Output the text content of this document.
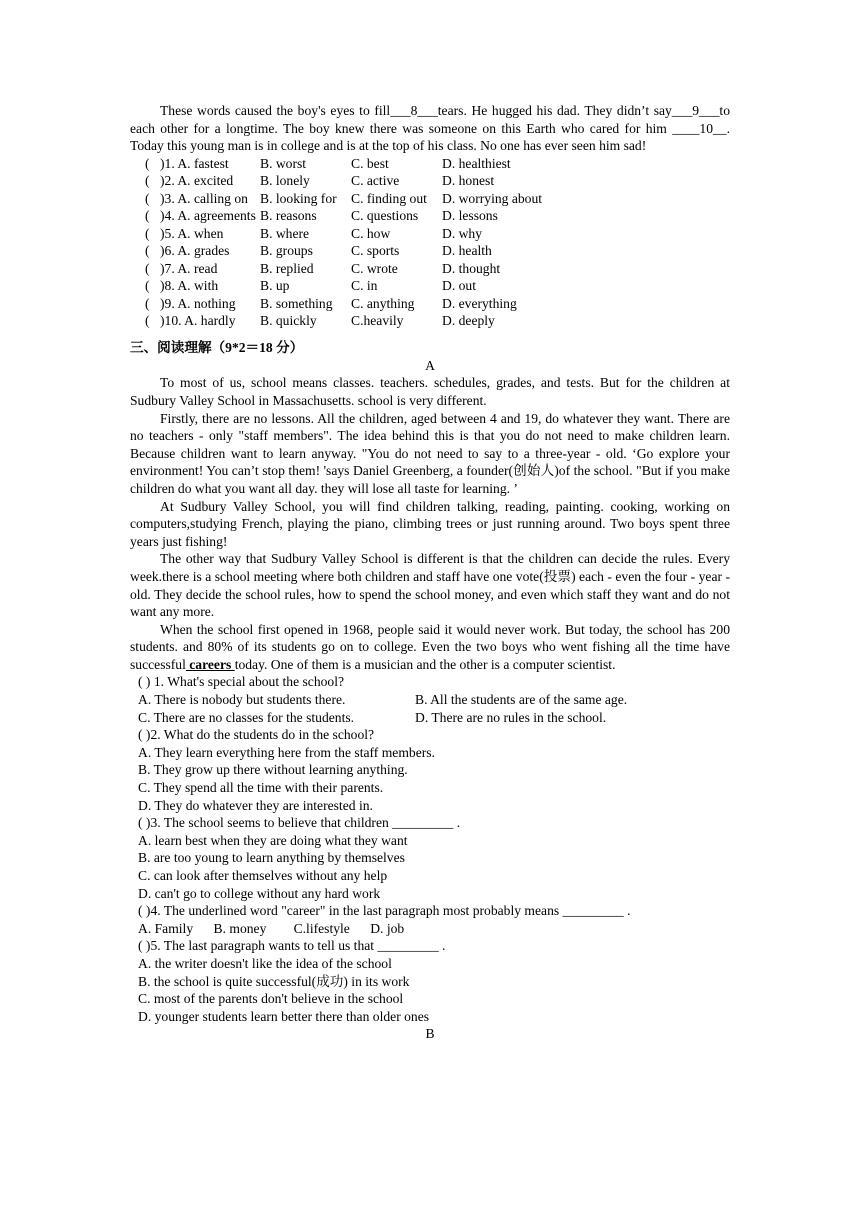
These words caused the boy's eyes to fill___8___tears. He hugged his dad. They didn’t say___9___to each other for a longtime. The boy knew there was someone on this Earth who cared for him ____10__. Today this young man is in college and is at the top of his class. No one has ever seen him sad!

( )1. A. fastest	B. worst	C. best	D. healthiest
( )2. A. excited	B. lonely	C. active	D. honest
( )3. A. calling on B. looking for	C. finding out	D. worrying about
( )4. A. agreements B. reasons	C. questions	D. lessons
( )5. A. when	B. where	C. how	D. why
( )6. A. grades	B. groups	C. sports	D. health
( )7. A. read	B. replied	C. wrote	D. thought
( )8. A. with	B. up	C. in	D. out
( )9. A. nothing	B. something	C. anything	D. everything
( )10. A. hardly	B. quickly	C.heavily	D. deeply
三、阅读理解（9*2＝18 分）
A

To most of us, school means classes. teachers. schedules, grades, and tests. But for the children at Sudbury Valley School in Massachusetts. school is very different.

Firstly, there are no lessons. All the children, aged between 4 and 19, do whatever they want. There are no teachers - only "staff members". The idea behind this is that you do not need to make children learn. Because children want to learn anyway. "You do not need to say to a three-year - old. ‘Go explore your environment! You can’t stop them! 'says Daniel Greenberg, a founder(创始人)of the school. "But if you make children do what you want all day. they will lose all taste for learning. ’

At Sudbury Valley School, you will find children talking, reading, painting. cooking, working on computers,studying French, playing the piano, climbing trees or just running around. Two boys spent three years just fishing!

The other way that Sudbury Valley School is different is that the children can decide the rules. Every week.there is a school meeting where both children and staff have one vote(投票) each - even the four - year - old. They decide the school rules, how to spend the school money, and even which staff they want and do not want any more.

When the school first opened in 1968, people said it would never work. But today, the school has 200 students. and 80% of its students go on to college. Even the two boys who went fishing all the time have successful careers today. One of them is a musician and the other is a computer scientist.

( ) 1. What's special about the school?
A. There is nobody but students there.	B. All the students are of the same age.
C. There are no classes for the students.	D. There are no rules in the school.
( )2. What do the students do in the school?
A. They learn everything here from the staff members.
B. They grow up there without learning anything.
C. They spend all the time with their parents.
D. They do whatever they are interested in.
( )3. The school seems to believe that children _________ .
A. learn best when they are doing what they want
B. are too young to learn anything by themselves
C. can look after themselves without any help
D. can't go to college without any hard work
( )4. The underlined word "career" in the last paragraph most probably means _________ .
A. Family      B. money        C.lifestyle      D. job
( )5. The last paragraph wants to tell us that _________ .
A. the writer doesn't like the idea of the school
B. the school is quite successful(成功) in its work
C. most of the parents don't believe in the school
D. younger students learn better there than older ones
B
